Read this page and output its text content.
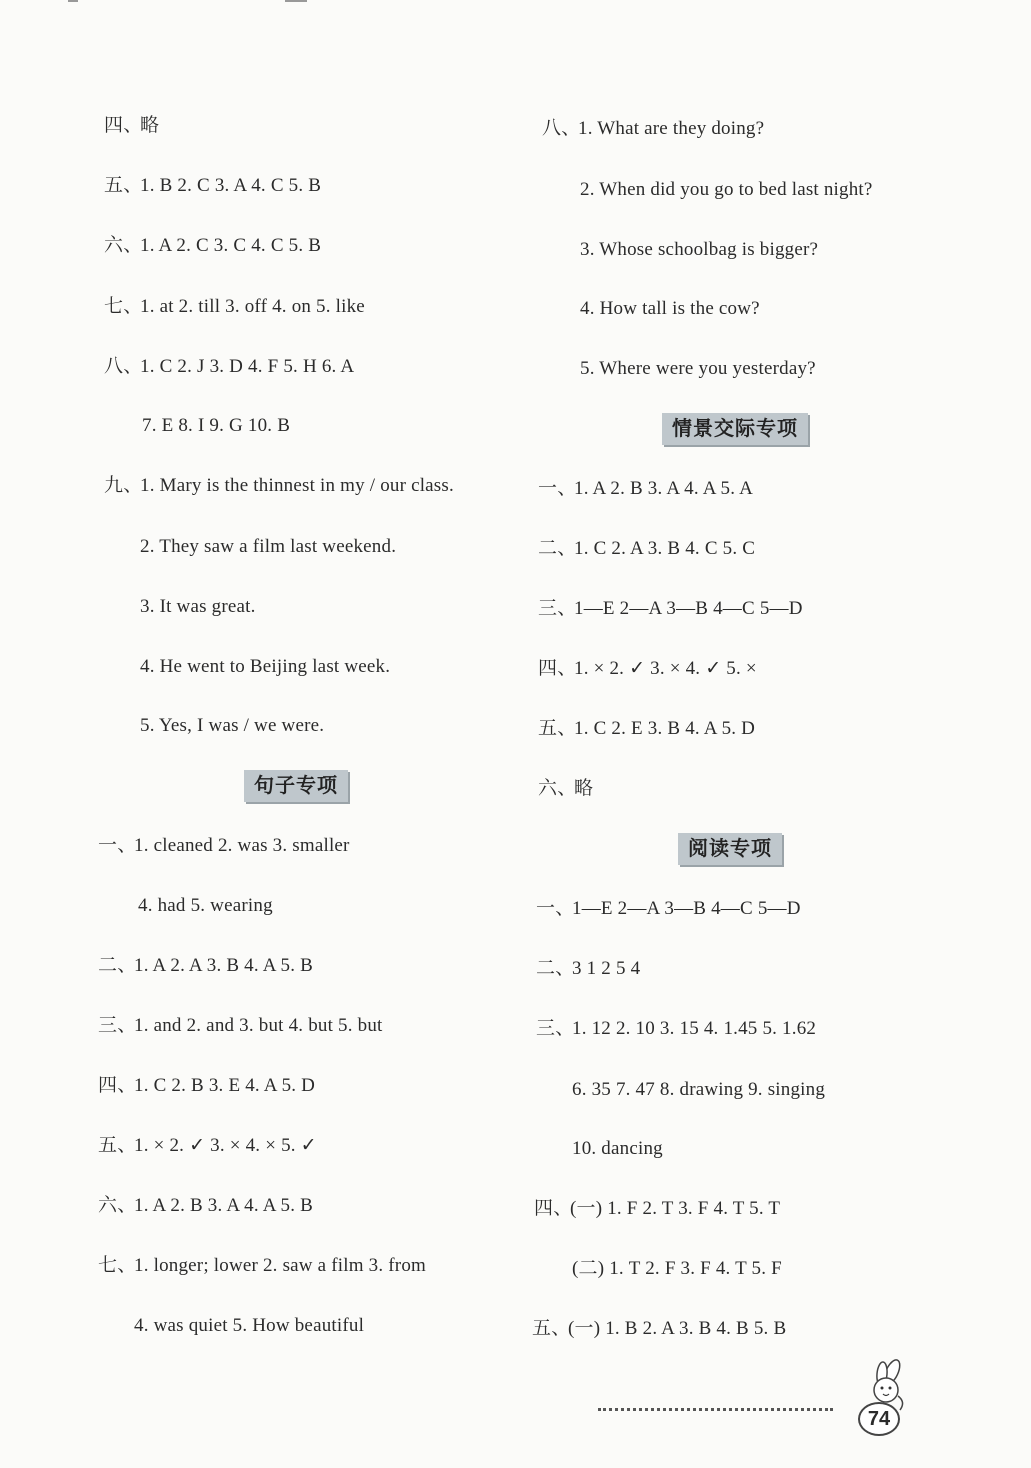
四、略
五、1. B 2. C 3. A 4. C 5. B
六、1. A 2. C 3. C 4. C 5. B
七、1. at 2. till 3. off 4. on 5. like
八、1. C 2. J 3. D 4. F 5. H 6. A
7. E 8. I 9. G 10. B
九、1. Mary is the thinnest in my / our class.
2. They saw a film last weekend.
3. It was great.
4. He went to Beijing last week.
5. Yes, I was / we were.
句子专项
一、1. cleaned 2. was 3. smaller
4. had 5. wearing
二、1. A 2. A 3. B 4. A 5. B
三、1. and 2. and 3. but 4. but 5. but
四、1. C 2. B 3. E 4. A 5. D
五、1. × 2. ✓ 3. × 4. × 5. ✓
六、1. A 2. B 3. A 4. A 5. B
七、1. longer; lower 2. saw a film 3. from
4. was quiet 5. How beautiful
八、1. What are they doing?
2. When did you go to bed last night?
3. Whose schoolbag is bigger?
4. How tall is the cow?
5. Where were you yesterday?
情景交际专项
一、1. A 2. B 3. A 4. A 5. A
二、1. C 2. A 3. B 4. C 5. C
三、1—E 2—A 3—B 4—C 5—D
四、1. × 2. ✓ 3. × 4. ✓ 5. ×
五、1. C 2. E 3. B 4. A 5. D
六、略
阅读专项
一、1—E 2—A 3—B 4—C 5—D
二、3 1 2 5 4
三、1. 12 2. 10 3. 15 4. 1.45 5. 1.62
6. 35 7. 47 8. drawing 9. singing
10. dancing
四、(一) 1. F 2. T 3. F 4. T 5. T
(二) 1. T 2. F 3. F 4. T 5. F
五、(一) 1. B 2. A 3. B 4. B 5. B
74
